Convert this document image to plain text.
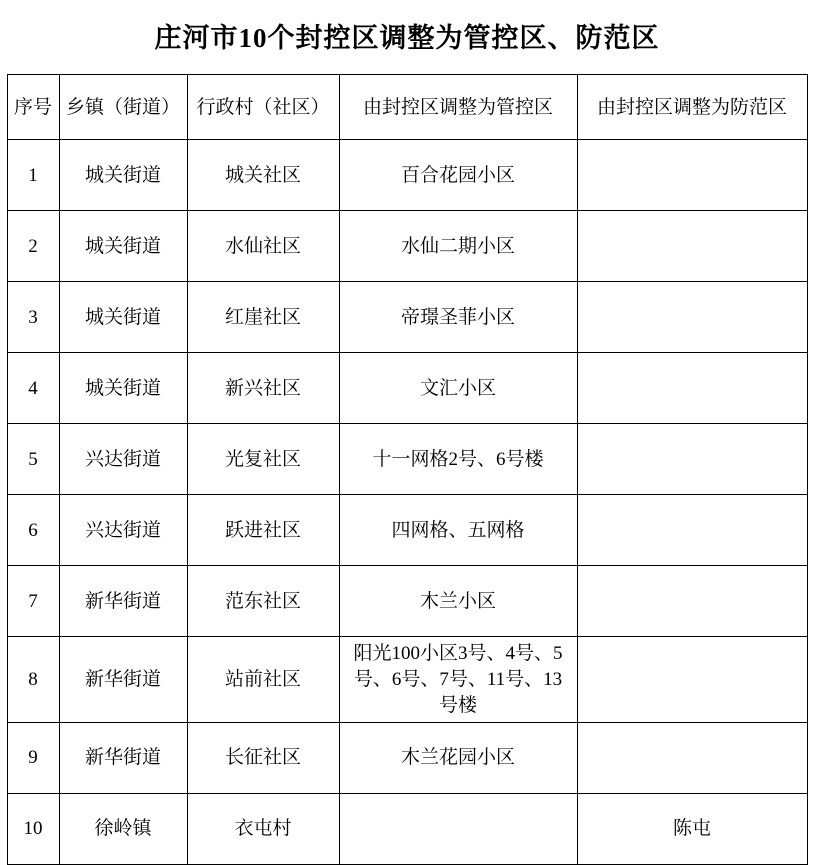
庄河市10个封控区调整为管控区、防范区
序号	乡镇（街道）	行政村（社区）	由封控区调整为管控区	由封控区调整为防范区
1	城关街道	城关社区	百合花园小区	
2	城关街道	水仙社区	水仙二期小区	
3	城关街道	红崖社区	帝璟圣菲小区	
4	城关街道	新兴社区	文汇小区	
5	兴达街道	光复社区	十一网格2号、6号楼	
6	兴达街道	跃进社区	四网格、五网格	
7	新华街道	范东社区	木兰小区	
8	新华街道	站前社区	阳光100小区3号、4号、5号、6号、7号、11号、13号楼	
9	新华街道	长征社区	木兰花园小区	
10	徐岭镇	衣屯村		陈屯
